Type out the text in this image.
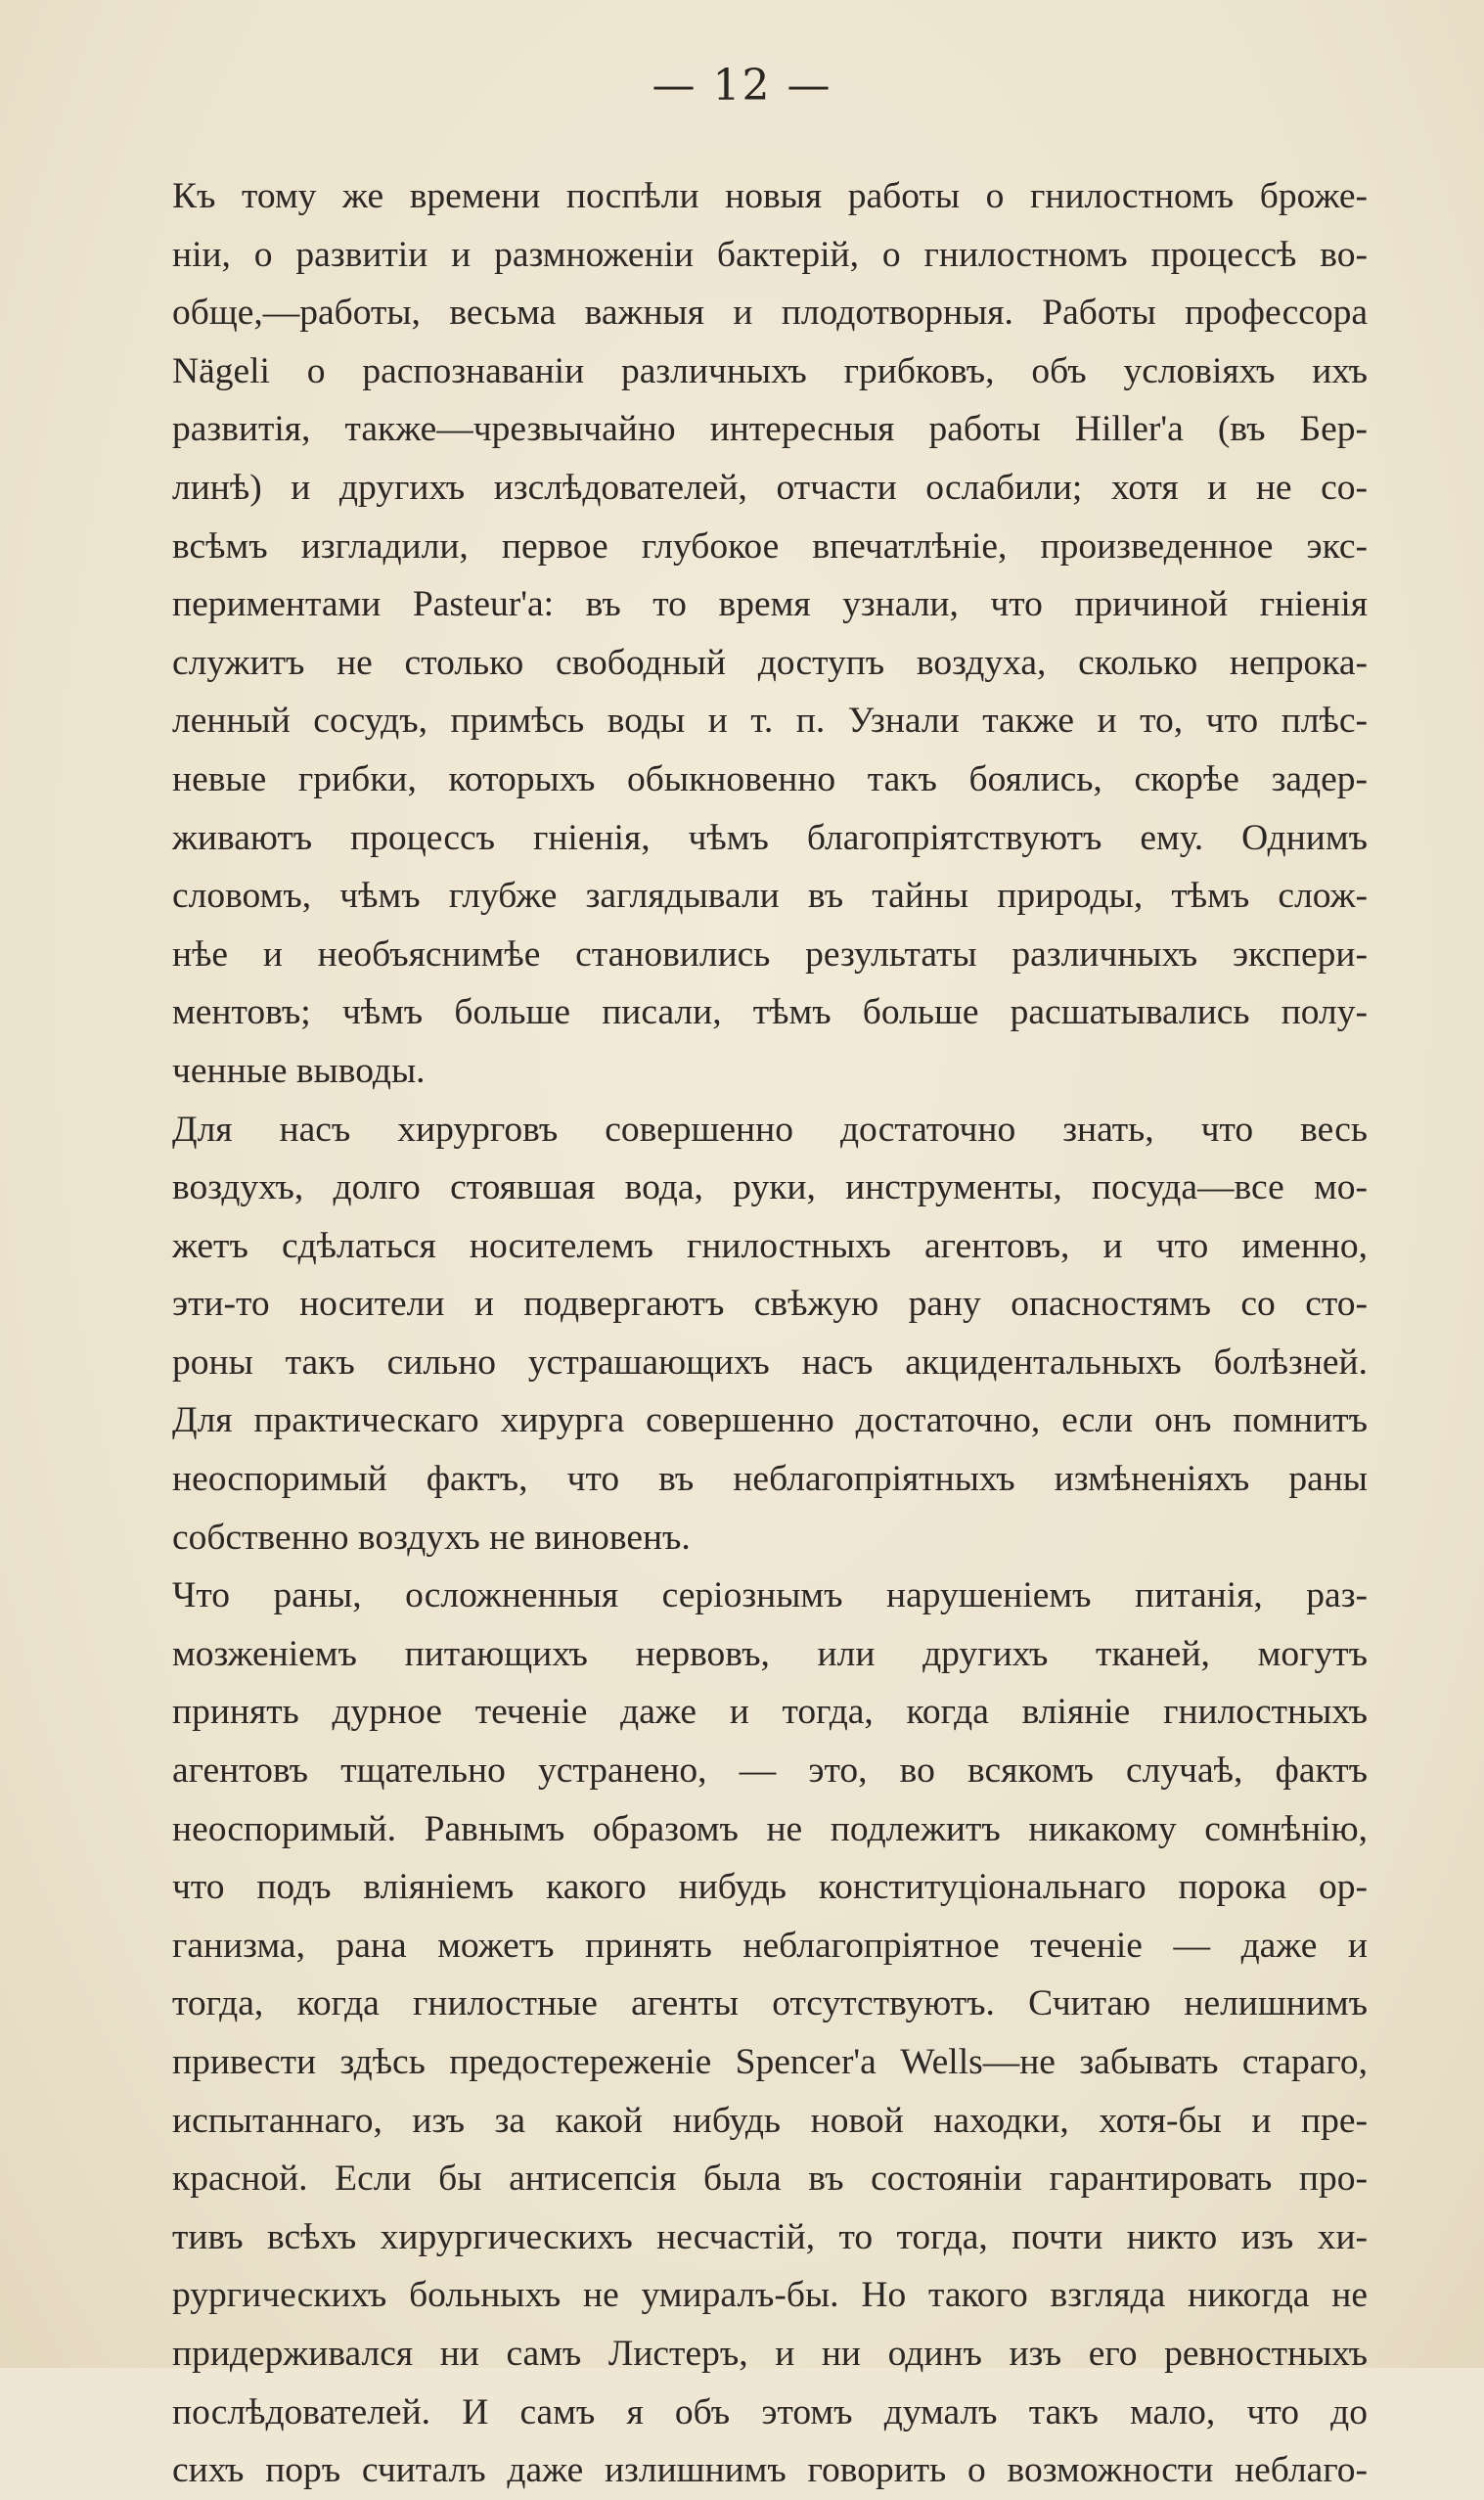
— 12 —
Къ тому же времени поспѣли новыя работы о гнилостномъ броже-
ніи, о развитіи и размноженіи бактерій, о гнилостномъ процессѣ во-
обще,—работы, весьма важныя и плодотворныя. Работы профессора
Nägeli о распознаваніи различныхъ грибковъ, объ условіяхъ ихъ
развитія, также—чрезвычайно интересныя работы Hiller'а (въ Бер-
линѣ) и другихъ изслѣдователей, отчасти ослабили; хотя и не со-
всѣмъ изгладили, первое глубокое впечатлѣніе, произведенное экс-
периментами Pasteur'а: въ то время узнали, что причиной гніенія
служитъ не столько свободный доступъ воздуха, сколько непрока-
ленный сосудъ, примѣсь воды и т. п. Узнали также и то, что плѣс-
невые грибки, которыхъ обыкновенно такъ боялись, скорѣе задер-
живаютъ процессъ гніенія, чѣмъ благопріятствуютъ ему. Однимъ
словомъ, чѣмъ глубже заглядывали въ тайны природы, тѣмъ слож-
нѣе и необъяснимѣе становились результаты различныхъ экспери-
ментовъ; чѣмъ больше писали, тѣмъ больше расшатывались полу-
ченные выводы.
Для насъ хирурговъ совершенно достаточно знать, что весь
воздухъ, долго стоявшая вода, руки, инструменты, посуда—все мо-
жетъ сдѣлаться носителемъ гнилостныхъ агентовъ, и что именно,
эти-то носители и подвергаютъ свѣжую рану опасностямъ со сто-
роны такъ сильно устрашающихъ насъ акцидентальныхъ болѣзней.
Для практическаго хирурга совершенно достаточно, если онъ помнитъ
неоспоримый фактъ, что въ неблагопріятныхъ измѣненіяхъ раны
собственно воздухъ не виновенъ.
Что раны, осложненныя серіознымъ нарушеніемъ питанія, раз-
мозженіемъ питающихъ нервовъ, или другихъ тканей, могутъ
принять дурное теченіе даже и тогда, когда вліяніе гнилостныхъ
агентовъ тщательно устранено, — это, во всякомъ случаѣ, фактъ
неоспоримый. Равнымъ образомъ не подлежитъ никакому сомнѣнію,
что подъ вліяніемъ какого нибудь конституціональнаго порока ор-
ганизма, рана можетъ принять неблагопріятное теченіе — даже и
тогда, когда гнилостные агенты отсутствуютъ. Считаю нелишнимъ
привести здѣсь предостереженіе Spencer'а Wells—не забывать стараго,
испытаннаго, изъ за какой нибудь новой находки, хотя-бы и пре-
красной. Если бы антисепсія была въ состояніи гарантировать про-
тивъ всѣхъ хирургическихъ несчастій, то тогда, почти никто изъ хи-
рургическихъ больныхъ не умиралъ-бы. Но такого взгляда никогда не
придерживался ни самъ Листеръ, и ни одинъ изъ его ревностныхъ
послѣдователей. И самъ я объ этомъ думалъ такъ мало, что до
сихъ поръ считалъ даже излишнимъ говорить о возможности неблаго-
